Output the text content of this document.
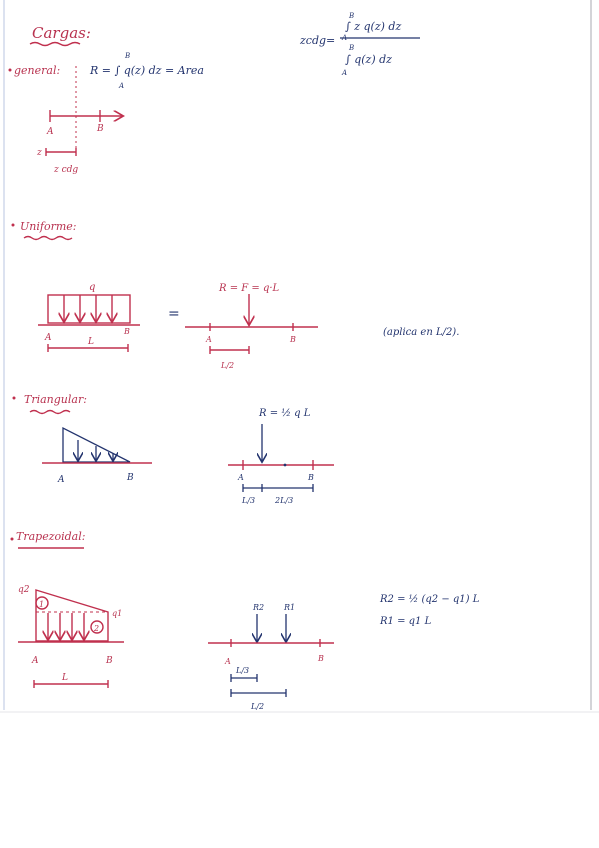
Cargas:
general:	R = ∫ q(z) dz = Area
B
A
A	B
z
z cdg
zcdg=
∫ z q(z) dz
∫ q(z) dz
B
A
B
A
Uniforme:
q
A
B
L
=
R = F = q·L
A	B
L/2
(aplica en L/2).
Triangular:
A	B
R = ½ q L
A	B
L/3 2L/3
Trapezoidal:
q2
q1
1
2
A	B
L
R2 R1
A	B
L/3
L/2
R2 = ½ (q2 − q1) L
R1 = q1 L
